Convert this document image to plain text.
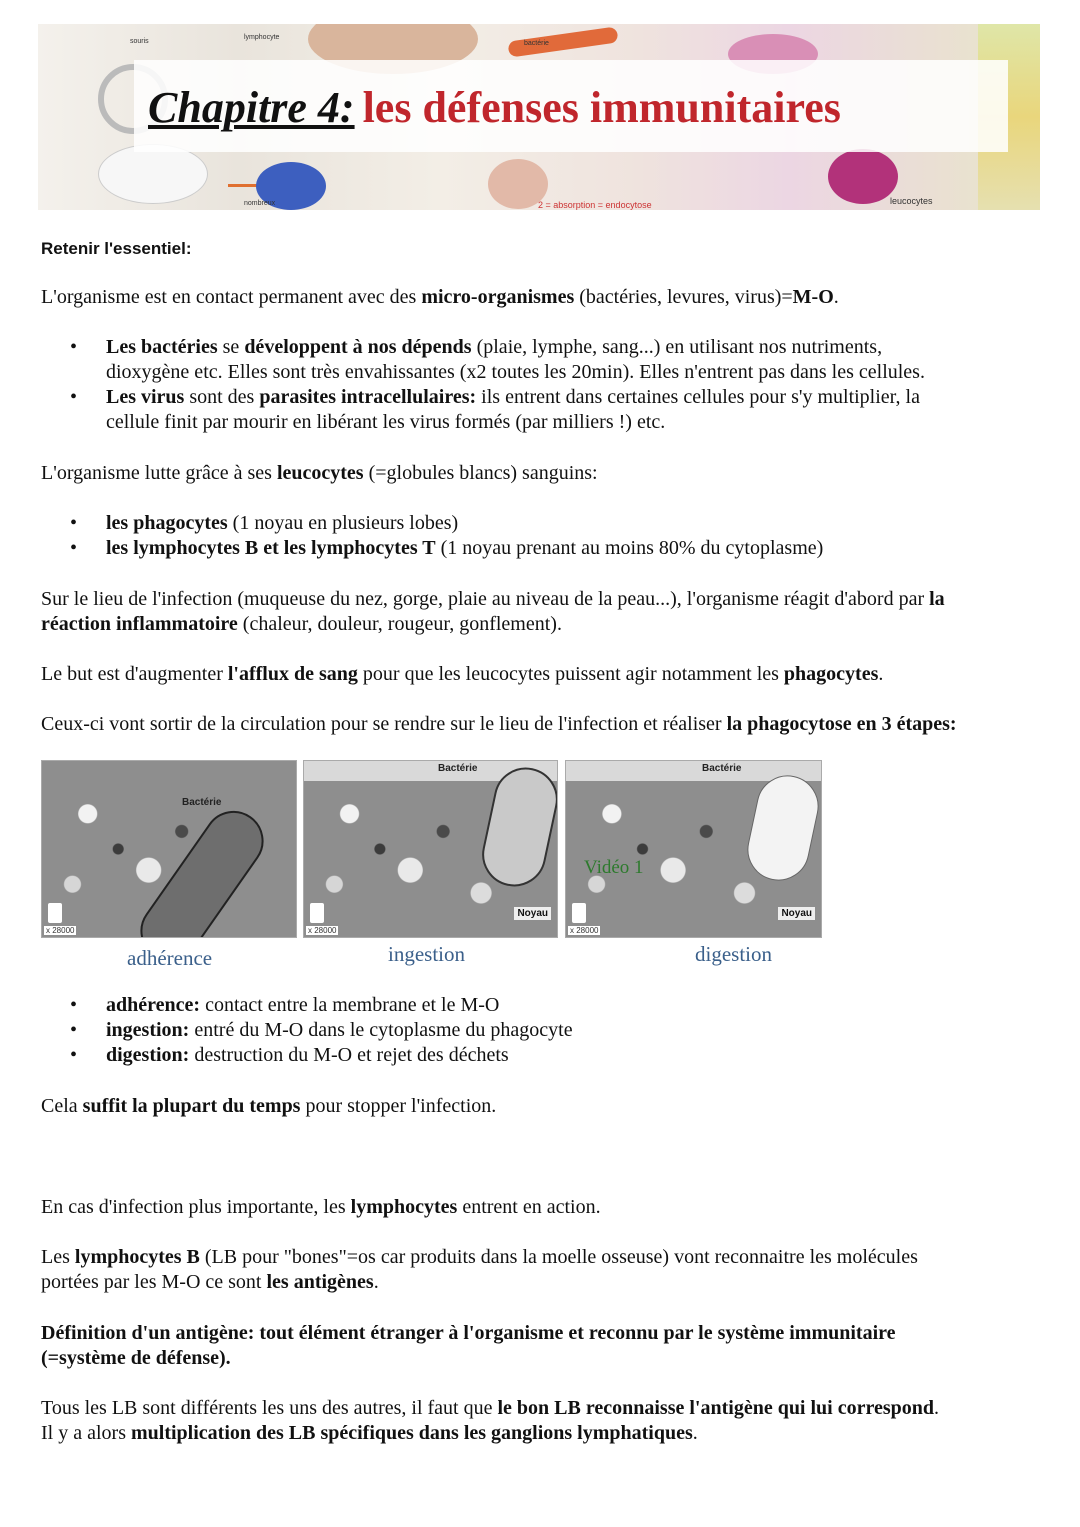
souris
lymphocyte
bactérie
nombreux	2 = absorption = endocytose	leucocytes
Chapitre 4: les défenses immunitaires
Retenir l'essentiel:
L'organisme est en contact permanent avec des micro-organismes (bactéries, levures, virus)=M-O.
• Les bactéries se développent à nos dépends (plaie, lymphe, sang...) en utilisant nos nutriments,
dioxygène etc. Elles sont très envahissantes (x2 toutes les 20min). Elles n'entrent pas dans les cellules.
• Les virus sont des parasites intracellulaires: ils entrent dans certaines cellules pour s'y multiplier, la
cellule finit par mourir en libérant les virus formés (par milliers !) etc.
L'organisme lutte grâce à ses leucocytes (=globules blancs) sanguins:
• les phagocytes (1 noyau en plusieurs lobes)
• les lymphocytes B et les lymphocytes T (1 noyau prenant au moins 80% du cytoplasme)
Sur le lieu de l'infection (muqueuse du nez, gorge, plaie au niveau de la peau...), l'organisme réagit d'abord par la
réaction inflammatoire (chaleur, douleur, rougeur, gonflement).
Le but est d'augmenter l'afflux de sang pour que les leucocytes puissent agir notamment les phagocytes.
Ceux-ci vont sortir de la circulation pour se rendre sur le lieu de l'infection et réaliser la phagocytose en 3 étapes:
Bactérie
x 28000
Bactérie
Noyau
x 28000
Bactérie
Vidéo 1
Noyau
x 28000
adhérence	ingestion	digestion
• adhérence: contact entre la membrane et le M-O
• ingestion: entré du M-O dans le cytoplasme du phagocyte
• digestion: destruction du M-O et rejet des déchets
Cela suffit la plupart du temps pour stopper l'infection.
En cas d'infection plus importante, les lymphocytes entrent en action.
Les lymphocytes B (LB pour "bones"=os car produits dans la moelle osseuse) vont reconnaitre les molécules
portées par les M-O ce sont les antigènes.
Définition d'un antigène: tout élément étranger à l'organisme et reconnu par le système immunitaire
(=système de défense).
Tous les LB sont différents les uns des autres, il faut que le bon LB reconnaisse l'antigène qui lui correspond.
Il y a alors multiplication des LB spécifiques dans les ganglions lymphatiques.
